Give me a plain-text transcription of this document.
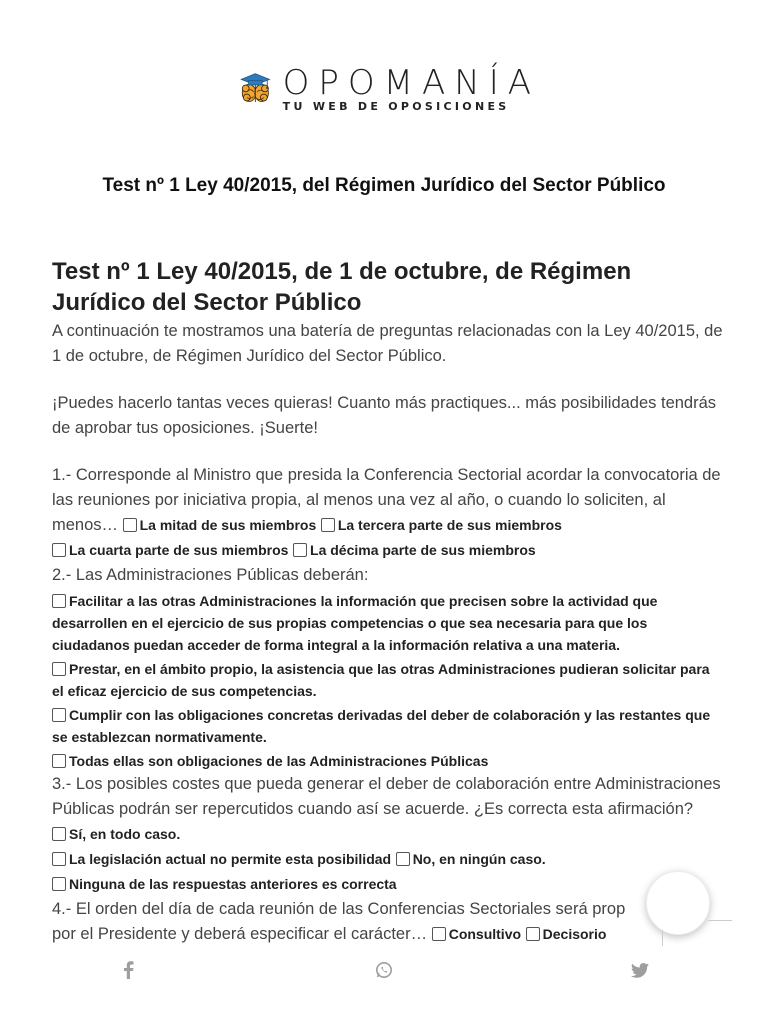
OPOMANÍA
TU WEB DE OPOSICIONES
Test nº 1 Ley 40/2015, del Régimen Jurídico del Sector Público
Test nº 1 Ley 40/2015, de 1 de octubre, de Régimen Jurídico del Sector Público

A continuación te mostramos una batería de preguntas relacionadas con la Ley 40/2015, de 1 de octubre, de Régimen Jurídico del Sector Público.

¡Puedes hacerlo tantas veces quieras! Cuanto más practiques... más posibilidades tendrás de aprobar tus oposiciones. ¡Suerte!

1.- Corresponde al Ministro que presida la Conferencia Sectorial acordar la convocatoria de las reuniones por iniciativa propia, al menos una vez al año, o cuando lo soliciten, al menos… La mitad de sus miembros La tercera parte de sus miembros La cuarta parte de sus miembros La décima parte de sus miembros
2.- Las Administraciones Públicas deberán:
Facilitar a las otras Administraciones la información que precisen sobre la actividad que desarrollen en el ejercicio de sus propias competencias o que sea necesaria para que los ciudadanos puedan acceder de forma integral a la información relativa a una materia.
Prestar, en el ámbito propio, la asistencia que las otras Administraciones pudieran solicitar para el eficaz ejercicio de sus competencias.
Cumplir con las obligaciones concretas derivadas del deber de colaboración y las restantes que se establezcan normativamente.
Todas ellas son obligaciones de las Administraciones Públicas
3.- Los posibles costes que pueda generar el deber de colaboración entre Administraciones Públicas podrán ser repercutidos cuando así se acuerde. ¿Es correcta esta afirmación? Sí, en todo caso.
La legislación actual no permite esta posibilidad No, en ningún caso.
Ninguna de las respuestas anteriores es correcta
4.- El orden del día de cada reunión de las Conferencias Sectoriales será prop
por el Presidente y deberá especificar el carácter… Consultivo Decisorio
